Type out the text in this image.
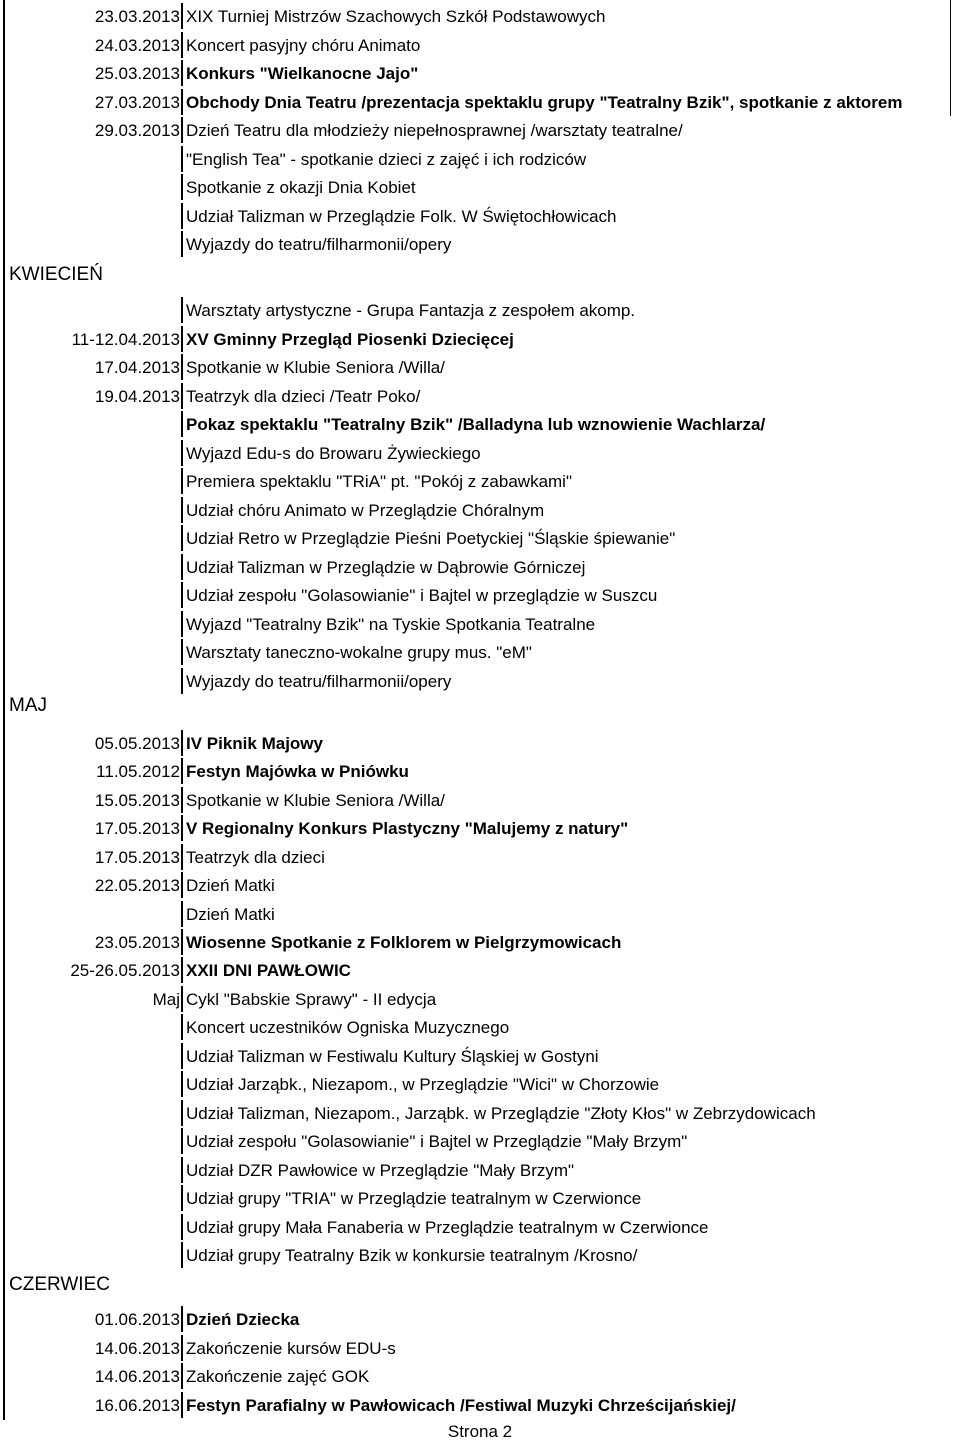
23.03.2013 XIX Turniej Mistrzów Szachowych Szkół Podstawowych
24.03.2013 Koncert pasyjny chóru Animato
25.03.2013 Konkurs "Wielkanocne Jajo"
27.03.2013 Obchody Dnia Teatru /prezentacja spektaklu grupy "Teatralny Bzik", spotkanie z aktorem
29.03.2013 Dzień Teatru dla młodzieży niepełnosprawnej /warsztaty teatralne/
"English Tea" - spotkanie dzieci z zajęć i ich rodziców
Spotkanie z okazji Dnia Kobiet
Udział Talizman w Przeglądzie Folk. W Świętochłowicach
Wyjazdy do teatru/filharmonii/opery
KWIECIEŃ
Warsztaty artystyczne - Grupa Fantazja z zespołem akomp.
11-12.04.2013 XV Gminny Przegląd Piosenki Dziecięcej
17.04.2013 Spotkanie w Klubie Seniora /Willa/
19.04.2013 Teatrzyk dla dzieci /Teatr Poko/
Pokaz spektaklu "Teatralny Bzik" /Balladyna lub wznowienie Wachlarza/
Wyjazd Edu-s do Browaru Żywieckiego
Premiera spektaklu "TRiA" pt. "Pokój z zabawkami"
Udział chóru Animato w Przeglądzie Chóralnym
Udział Retro w Przeglądzie Pieśni Poetyckiej "Śląskie śpiewanie"
Udział Talizman w Przeglądzie w Dąbrowie Górniczej
Udział zespołu "Golasowianie" i Bajtel w przeglądzie w Suszcu
Wyjazd "Teatralny Bzik" na Tyskie Spotkania Teatralne
Warsztaty taneczno-wokalne grupy mus. "eM"
Wyjazdy do teatru/filharmonii/opery
MAJ
05.05.2013 IV Piknik Majowy
11.05.2012 Festyn Majówka w Pniówku
15.05.2013 Spotkanie w Klubie Seniora /Willa/
17.05.2013 V Regionalny Konkurs Plastyczny "Malujemy z natury"
17.05.2013 Teatrzyk dla dzieci
22.05.2013 Dzień Matki
Dzień Matki
23.05.2013 Wiosenne Spotkanie z Folklorem w Pielgrzymowicach
25-26.05.2013 XXII DNI PAWŁOWIC
Maj Cykl "Babskie Sprawy" - II edycja
Koncert uczestników Ogniska Muzycznego
Udział Talizman w Festiwalu Kultury Śląskiej w Gostyni
Udział Jarząbk., Niezapom., w Przeglądzie "Wici" w Chorzowie
Udział Talizman, Niezapom., Jarząbk. w Przeglądzie "Złoty Kłos" w Zebrzydowicach
Udział zespołu "Golasowianie" i Bajtel w Przeglądzie "Mały Brzym"
Udział DZR Pawłowice w Przeglądzie "Mały Brzym"
Udział grupy "TRIA" w Przeglądzie teatralnym w Czerwionce
Udział grupy Mała Fanaberia w Przeglądzie teatralnym w Czerwionce
Udział grupy Teatralny Bzik w konkursie teatralnym /Krosno/
CZERWIEC
01.06.2013 Dzień Dziecka
14.06.2013 Zakończenie kursów EDU-s
14.06.2013 Zakończenie zajęć GOK
16.06.2013 Festyn Parafialny w Pawłowicach /Festiwal Muzyki Chrześcijańskiej/
Strona 2
